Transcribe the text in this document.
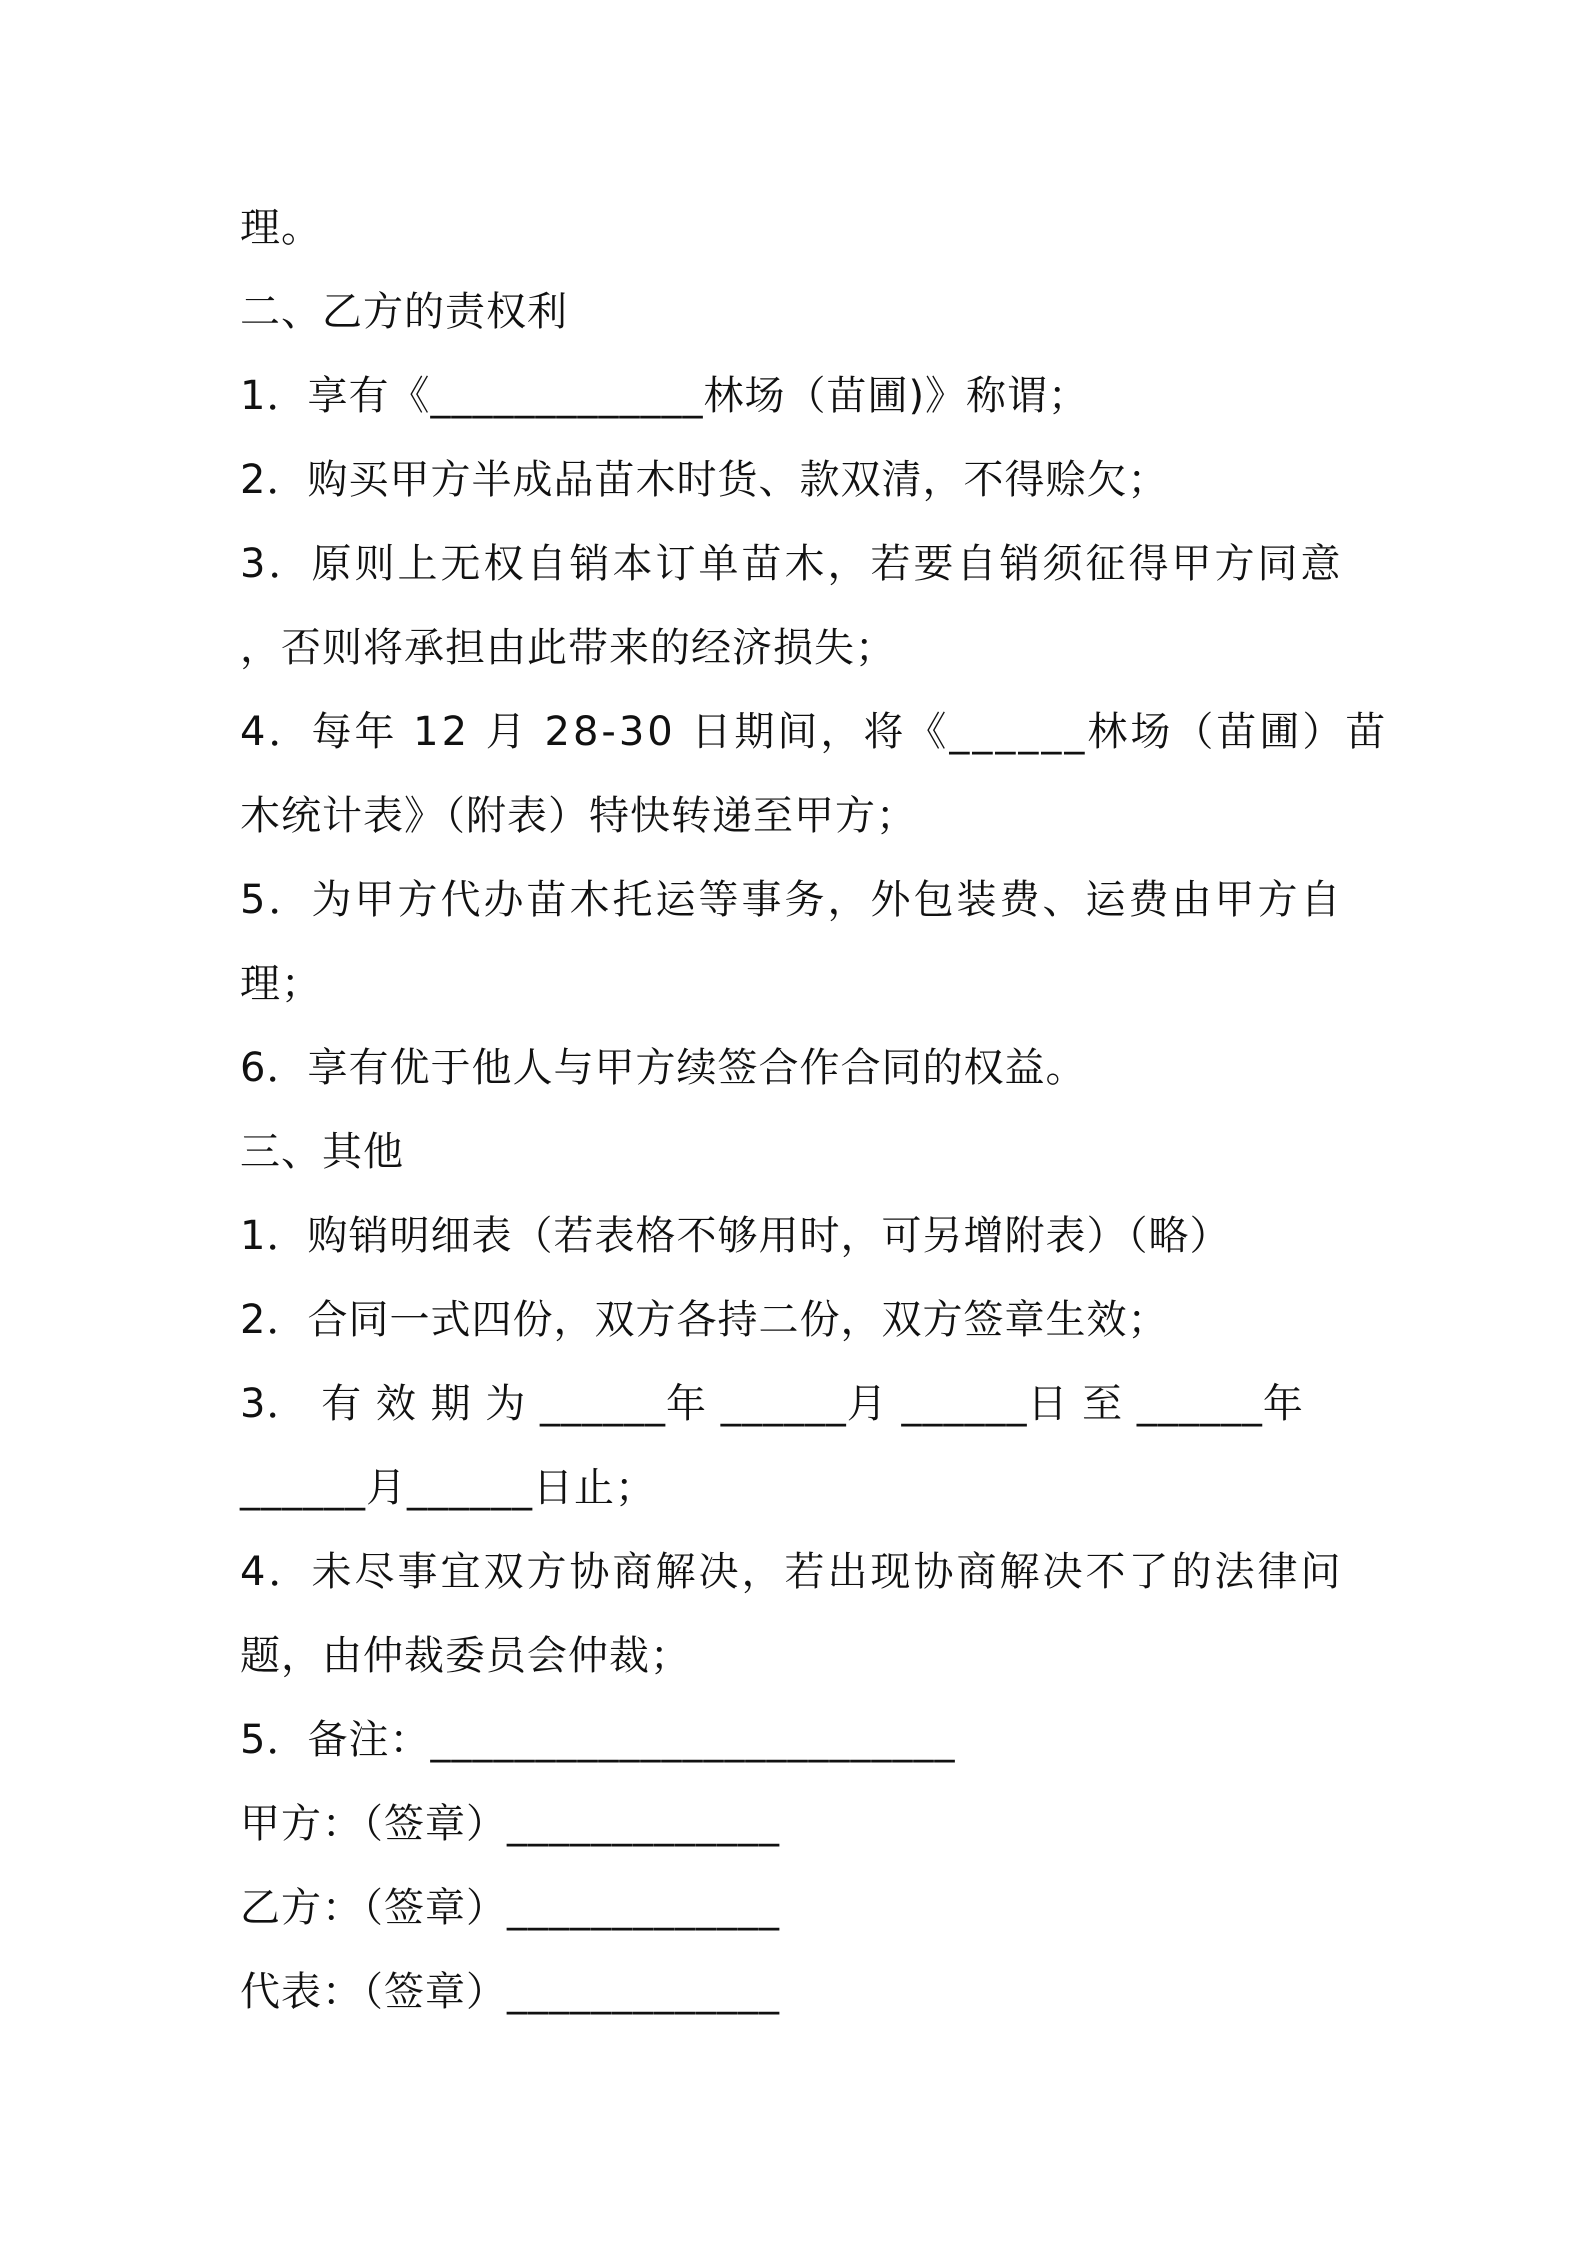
理。
二、乙方的责权利
1．享有《_____________林场（苗圃)》称谓；
2．购买甲方半成品苗木时货、款双清，不得赊欠；
3．原则上无权自销本订单苗木，若要自销须征得甲方同意
，否则将承担由此带来的经济损失；
4．每年 12 月 28-30 日期间，将《______林场（苗圃）苗
木统计表》（附表）特快转递至甲方；
5．为甲方代办苗木托运等事务，外包装费、运费由甲方自
理；
6．享有优于他人与甲方续签合作合同的权益。
三、其他
1．购销明细表（若表格不够用时，可另增附表）（略）
2．合同一式四份，双方各持二份，双方签章生效；
3． 有 效 期 为 ______年 ______月 ______日 至 ______年
______月______日止；
4．未尽事宜双方协商解决，若出现协商解决不了的法律问
题，由仲裁委员会仲裁；
5．备注：_________________________
甲方：（签章）_____________
乙方：（签章）_____________
代表：（签章）_____________
